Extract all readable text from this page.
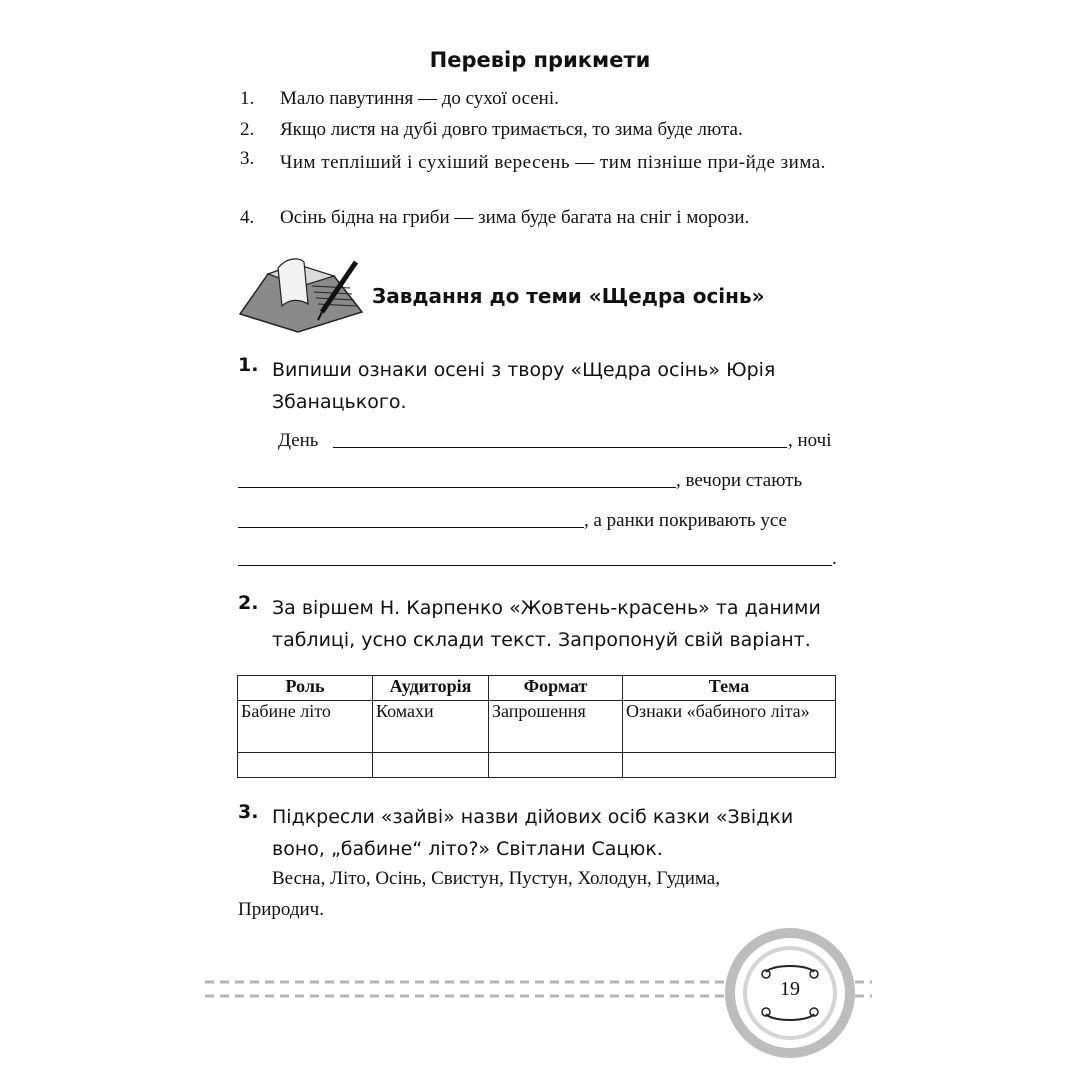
Перевір прикмети
1.	Мало павутиння — до сухої осені.
2.	Якщо листя на дубі довго тримається, то зима буде люта.
3.	Чим тепліший і сухіший вересень — тим пізніше при-йде зима.
4.	Осінь бідна на гриби — зима буде багата на сніг і морози.
Завдання до теми «Щедра осінь»
1. Випиши ознаки осені з твору «Щедра осінь» Юрія Збанацького.
День	, ночі
, вечори стають
, а ранки покривають усе
.
2. За віршем Н. Карпенко «Жовтень-красень» та даними таблиці, усно склади текст. Запропонуй свій варіант.
Роль	Аудиторія	Формат	Тема
Бабине літо	Комахи	Запрошення	Ознаки «бабиного літа»

3. Підкресли «зайві» назви дійових осіб казки «Звідки воно, „бабине“ літо?» Світлани Сацюк.
Весна, Літо, Осінь, Свистун, Пустун, Холодун, Гудима,
Природич.
19
